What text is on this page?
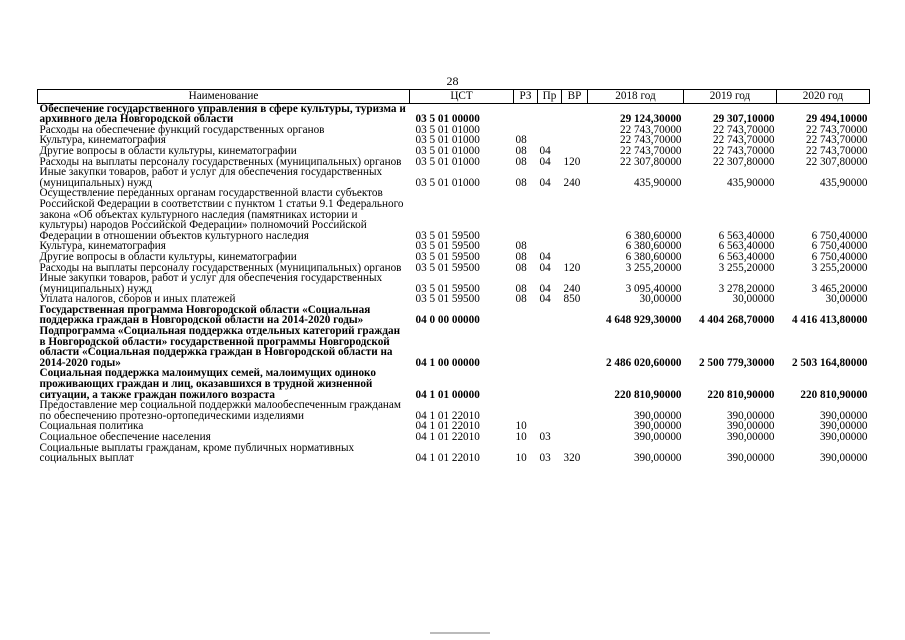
28
Наименование	ЦСТ	РЗ	Пр	ВР	2018 год	2019 год	2020 год
Обеспечение государственного управления в сфере культуры, туризма и архивного дела Новгородской области	03 5 01 00000				29 124,30000	29 307,10000	29 494,10000
Расходы на обеспечение функций государственных органов	03 5 01 01000				22 743,70000	22 743,70000	22 743,70000
Культура, кинематография	03 5 01 01000	08			22 743,70000	22 743,70000	22 743,70000
Другие вопросы в области культуры, кинематографии	03 5 01 01000	08	04		22 743,70000	22 743,70000	22 743,70000
Расходы на выплаты персоналу государственных (муниципальных) органов	03 5 01 01000	08	04	120	22 307,80000	22 307,80000	22 307,80000
Иные закупки товаров, работ и услуг для обеспечения государственных (муниципальных) нужд	03 5 01 01000	08	04	240	435,90000	435,90000	435,90000
Осуществление переданных органам государственной власти субъектов Российской Федерации в соответствии с пунктом 1 статьи 9.1 Федерального закона «Об объектах культурного наследия (памятниках истории и культуры) народов Российской Федерации» полномочий Российской Федерации в отношении объектов культурного наследия	03 5 01 59500				6 380,60000	6 563,40000	6 750,40000
Культура, кинематография	03 5 01 59500	08			6 380,60000	6 563,40000	6 750,40000
Другие вопросы в области культуры, кинематографии	03 5 01 59500	08	04		6 380,60000	6 563,40000	6 750,40000
Расходы на выплаты персоналу государственных (муниципальных) органов	03 5 01 59500	08	04	120	3 255,20000	3 255,20000	3 255,20000
Иные закупки товаров, работ и услуг для обеспечения государственных (муниципальных) нужд	03 5 01 59500	08	04	240	3 095,40000	3 278,20000	3 465,20000
Уплата налогов, сборов и иных платежей	03 5 01 59500	08	04	850	30,00000	30,00000	30,00000
Государственная программа Новгородской области «Социальная поддержка граждан в Новгородской области на 2014-2020 годы»	04 0 00 00000				4 648 929,30000	4 404 268,70000	4 416 413,80000
Подпрограмма «Социальная поддержка отдельных категорий граждан в Новгородской области» государственной программы Новгородской области «Социальная поддержка граждан в Новгородской области на 2014-2020 годы»	04 1 00 00000				2 486 020,60000	2 500 779,30000	2 503 164,80000
Социальная поддержка малоимущих семей, малоимущих одиноко проживающих граждан и лиц, оказавшихся в трудной жизненной ситуации, а также граждан пожилого возраста	04 1 01 00000				220 810,90000	220 810,90000	220 810,90000
Предоставление мер социальной поддержки малообеспеченным гражданам по обеспечению протезно-ортопедическими изделиями	04 1 01 22010				390,00000	390,00000	390,00000
Социальная политика	04 1 01 22010	10			390,00000	390,00000	390,00000
Социальное обеспечение населения	04 1 01 22010	10	03		390,00000	390,00000	390,00000
Социальные выплаты гражданам, кроме публичных нормативных социальных выплат	04 1 01 22010	10	03	320	390,00000	390,00000	390,00000
